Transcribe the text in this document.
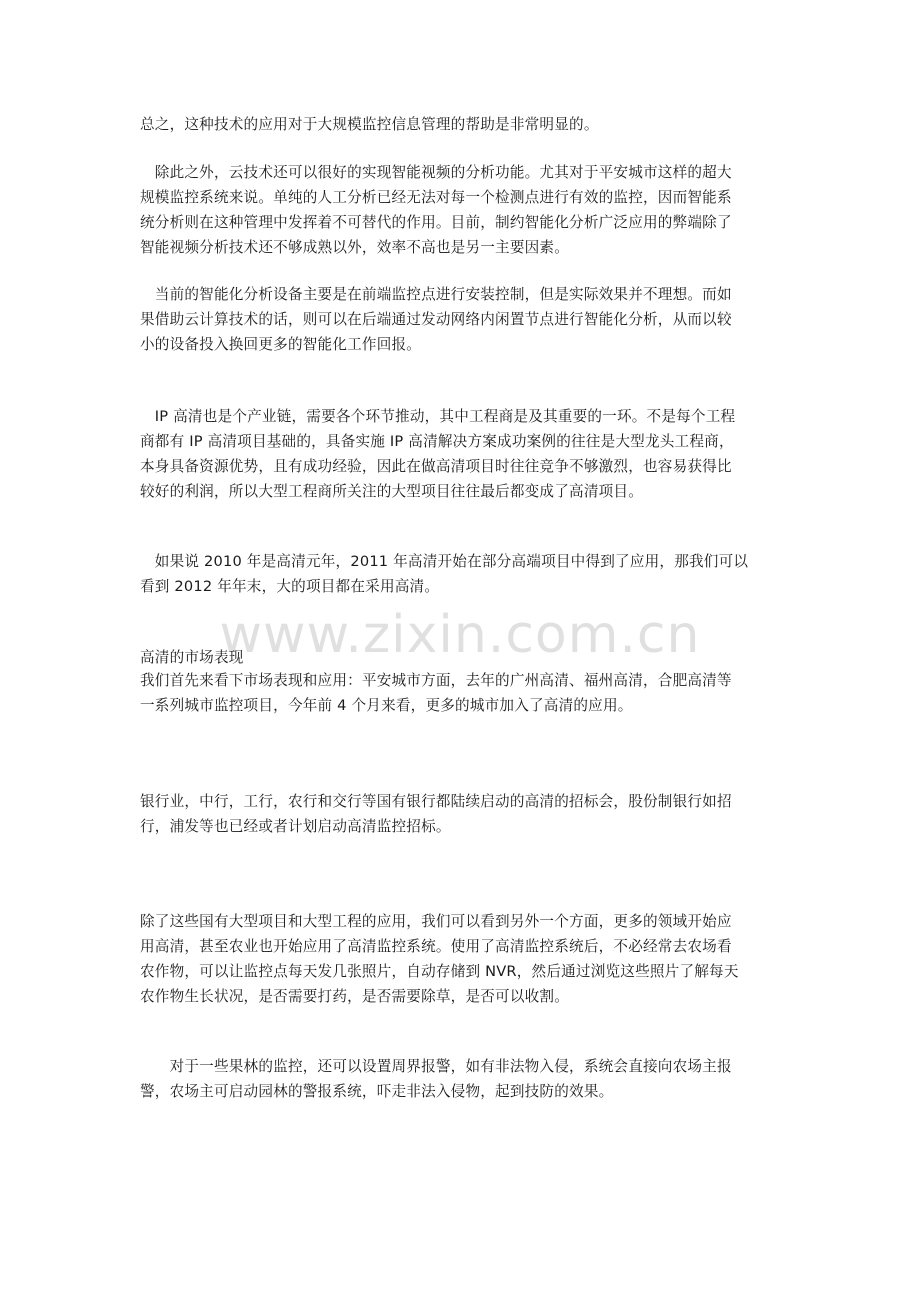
总之，这种技术的应用对于大规模监控信息管理的帮助是非常明显的。

　除此之外，云技术还可以很好的实现智能视频的分析功能。尤其对于平安城市这样的超大

规模监控系统来说。单纯的人工分析已经无法对每一个检测点进行有效的监控，因而智能系

统分析则在这种管理中发挥着不可替代的作用。目前，制约智能化分析广泛应用的弊端除了

智能视频分析技术还不够成熟以外，效率不高也是另一主要因素。

　当前的智能化分析设备主要是在前端监控点进行安装控制，但是实际效果并不理想。而如

果借助云计算技术的话，则可以在后端通过发动网络内闲置节点进行智能化分析，从而以较

小的设备投入换回更多的智能化工作回报。

　IP 高清也是个产业链，需要各个环节推动，其中工程商是及其重要的一环。不是每个工程

商都有 IP 高清项目基础的，具备实施 IP 高清解决方案成功案例的往往是大型龙头工程商，

本身具备资源优势，且有成功经验，因此在做高清项目时往往竞争不够激烈，也容易获得比

较好的利润，所以大型工程商所关注的大型项目往往最后都变成了高清项目。

　如果说 2010 年是高清元年，2011 年高清开始在部分高端项目中得到了应用，那我们可以

看到 2012 年年末，大的项目都在采用高清。

www.zixin.com.cn

高清的市场表现

我们首先来看下市场表现和应用：平安城市方面，去年的广州高清、福州高清，合肥高清等

一系列城市监控项目，今年前 4 个月来看，更多的城市加入了高清的应用。

银行业，中行，工行，农行和交行等国有银行都陆续启动的高清的招标会，股份制银行如招

行，浦发等也已经或者计划启动高清监控招标。

除了这些国有大型项目和大型工程的应用，我们可以看到另外一个方面，更多的领域开始应

用高清，甚至农业也开始应用了高清监控系统。使用了高清监控系统后，不必经常去农场看

农作物，可以让监控点每天发几张照片，自动存储到 NVR，然后通过浏览这些照片了解每天

农作物生长状况，是否需要打药，是否需要除草，是否可以收割。

　　对于一些果林的监控，还可以设置周界报警，如有非法物入侵，系统会直接向农场主报

警，农场主可启动园林的警报系统，吓走非法入侵物，起到技防的效果。
